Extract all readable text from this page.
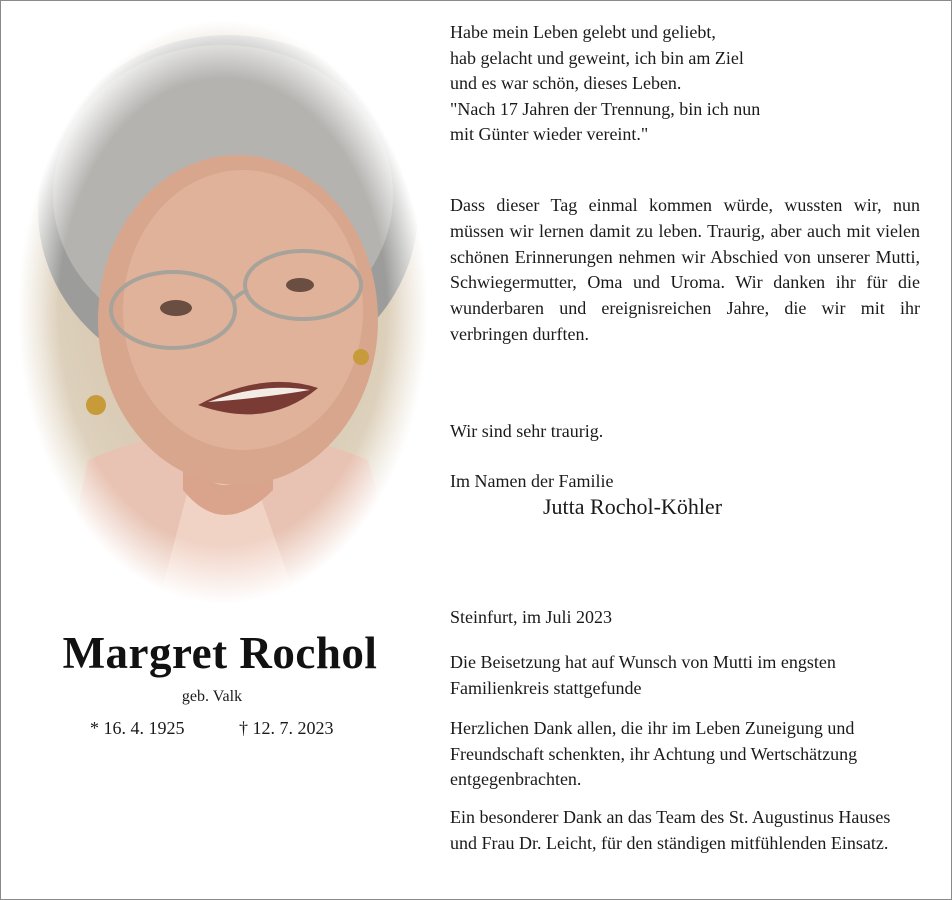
Margret Rochol
geb. Valk
* 16. 4. 1925	† 12. 7. 2023
Habe mein Leben gelebt und geliebt,
hab gelacht und geweint, ich bin am Ziel
und es war schön, dieses Leben.
"Nach 17 Jahren der Trennung, bin ich nun
mit Günter wieder vereint."
Dass dieser Tag einmal kommen würde, wussten wir, nun müssen wir lernen damit zu leben. Traurig, aber auch mit vielen schönen Erinnerungen nehmen wir Abschied von unserer Mutti, Schwiegermutter, Oma und Uroma. Wir danken ihr für die wunderbaren und ereignisreichen Jahre, die wir mit ihr verbringen durften.
Wir sind sehr traurig.
Im Namen der Familie
Jutta Rochol-Köhler
Steinfurt, im Juli 2023
Die Beisetzung hat auf Wunsch von Mutti im engsten Familienkreis stattgefunde
Herzlichen Dank allen, die ihr im Leben Zuneigung und Freundschaft schenkten, ihr Achtung und Wertschätzung entgegenbrachten.
Ein besonderer Dank an das Team des St. Augustinus Hauses und Frau Dr. Leicht, für den ständigen mitfühlenden Einsatz.
